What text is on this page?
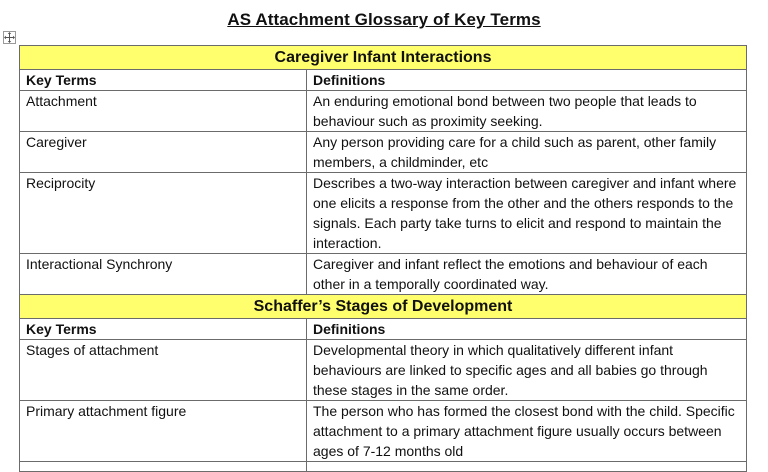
AS Attachment Glossary of Key Terms
Caregiver Infant Interactions	
Key Terms	Definitions
Attachment	An enduring emotional bond between two people that leads to behaviour such as proximity seeking.
Caregiver	Any person providing care for a child such as parent, other family members, a childminder, etc
Reciprocity	Describes a two-way interaction between caregiver and infant where one elicits a response from the other and the others responds to the signals. Each party take turns to elicit and respond to maintain the interaction.
Interactional Synchrony	Caregiver and infant reflect the emotions and behaviour of each other in a temporally coordinated way.
Schaffer’s Stages of Development	
Key Terms	Definitions
Stages of attachment	Developmental theory in which qualitatively different infant behaviours are linked to specific ages and all babies go through these stages in the same order.
Primary attachment figure	The person who has formed the closest bond with the child. Specific attachment to a primary attachment figure usually occurs between ages of 7-12 months old
